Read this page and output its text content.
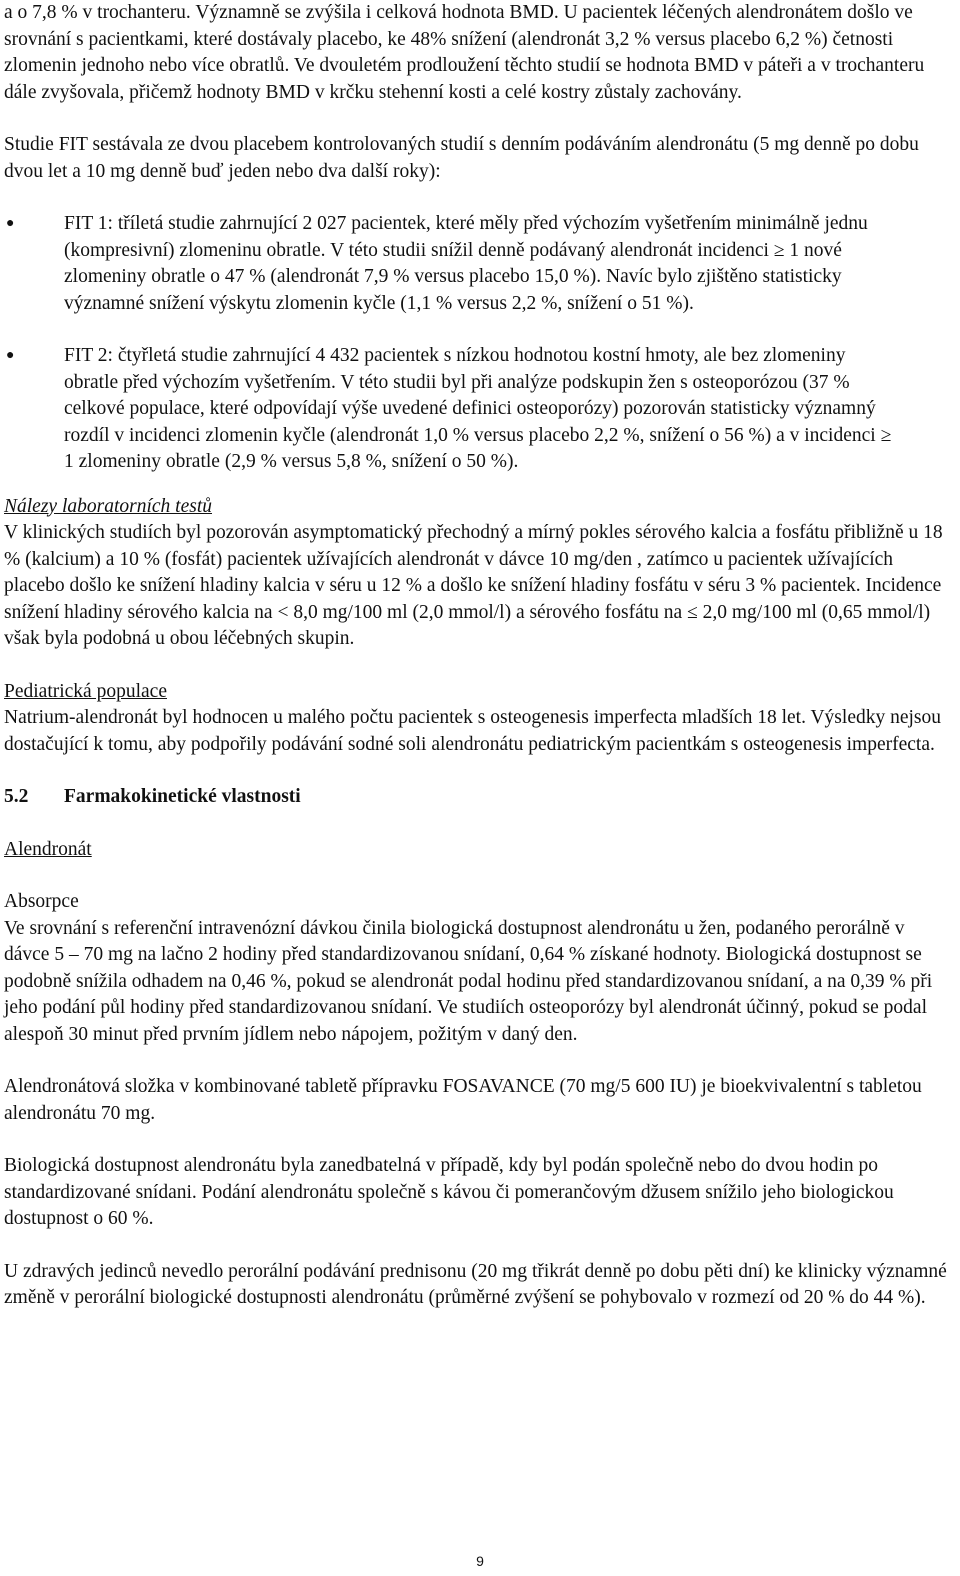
a o 7,8 % v trochanteru. Významně se zvýšila i celková hodnota BMD. U pacientek léčených alendronátem došlo ve srovnání s pacientkami, které dostávaly placebo, ke 48% snížení (alendronát 3,2 % versus placebo 6,2 %) četnosti zlomenin jednoho nebo více obratlů. Ve dvouletém prodloužení těchto studií se hodnota BMD v páteři a v trochanteru dále zvyšovala, přičemž hodnoty BMD v krčku stehenní kosti a celé kostry zůstaly zachovány.

Studie FIT sestávala ze dvou placebem kontrolovaných studií s denním podáváním alendronátu (5 mg denně po dobu dvou let a 10 mg denně buď jeden nebo dva další roky):

●	FIT 1: tříletá studie zahrnující 2 027 pacientek, které měly před výchozím vyšetřením minimálně jednu (kompresivní) zlomeninu obratle. V této studii snížil denně podávaný alendronát incidenci ≥ 1 nové zlomeniny obratle o 47 % (alendronát 7,9 % versus placebo 15,0 %). Navíc bylo zjištěno statisticky významné snížení výskytu zlomenin kyčle (1,1 % versus 2,2 %, snížení o 51 %).
●	FIT 2: čtyřletá studie zahrnující 4 432 pacientek s nízkou hodnotou kostní hmoty, ale bez zlomeniny obratle před výchozím vyšetřením. V této studii byl při analýze podskupin žen s osteoporózou (37 % celkové populace, které odpovídají výše uvedené definici osteoporózy) pozorován statisticky významný rozdíl v incidenci zlomenin kyčle (alendronát 1,0 % versus placebo 2,2 %, snížení o 56 %) a v incidenci ≥ 1 zlomeniny obratle (2,9 % versus 5,8 %, snížení o 50 %).

Nálezy laboratorních testů

V klinických studiích byl pozorován asymptomatický přechodný a mírný pokles sérového kalcia a fosfátu přibližně u 18 % (kalcium) a 10 % (fosfát) pacientek užívajících alendronát v dávce 10 mg/den , zatímco u pacientek užívajících placebo došlo ke snížení hladiny kalcia v séru u 12 % a došlo ke snížení hladiny fosfátu v séru 3 % pacientek. Incidence snížení hladiny sérového kalcia na < 8,0 mg/100 ml (2,0 mmol/l) a sérového fosfátu na ≤ 2,0 mg/100 ml (0,65 mmol/l) však byla podobná u obou léčebných skupin.

Pediatrická populace

Natrium-alendronát byl hodnocen u malého počtu pacientek s osteogenesis imperfecta mladších 18 let. Výsledky nejsou dostačující k tomu, aby podpořily podávání sodné soli alendronátu pediatrickým pacientkám s osteogenesis imperfecta.

5.2 Farmakokinetické vlastnosti

Alendronát

Absorpce

Ve srovnání s referenční intravenózní dávkou činila biologická dostupnost alendronátu u žen, podaného perorálně v dávce 5 – 70 mg na lačno 2 hodiny před standardizovanou snídaní, 0,64 % získané hodnoty. Biologická dostupnost se podobně snížila odhadem na 0,46 %, pokud se alendronát podal hodinu před standardizovanou snídaní, a na 0,39 % při jeho podání půl hodiny před standardizovanou snídaní. Ve studiích osteoporózy byl alendronát účinný, pokud se podal alespoň 30 minut před prvním jídlem nebo nápojem, požitým v daný den.

Alendronátová složka v kombinované tabletě přípravku FOSAVANCE (70 mg/5 600 IU) je bioekvivalentní s tabletou alendronátu 70 mg.

Biologická dostupnost alendronátu byla zanedbatelná v případě, kdy byl podán společně nebo do dvou hodin po standardizované snídani. Podání alendronátu společně s kávou či pomerančovým džusem snížilo jeho biologickou dostupnost o 60 %.

U zdravých jedinců nevedlo perorální podávání prednisonu (20 mg třikrát denně po dobu pěti dní) ke klinicky významné změně v perorální biologické dostupnosti alendronátu (průměrné zvýšení se pohybovalo v rozmezí od 20 % do 44 %).

9
